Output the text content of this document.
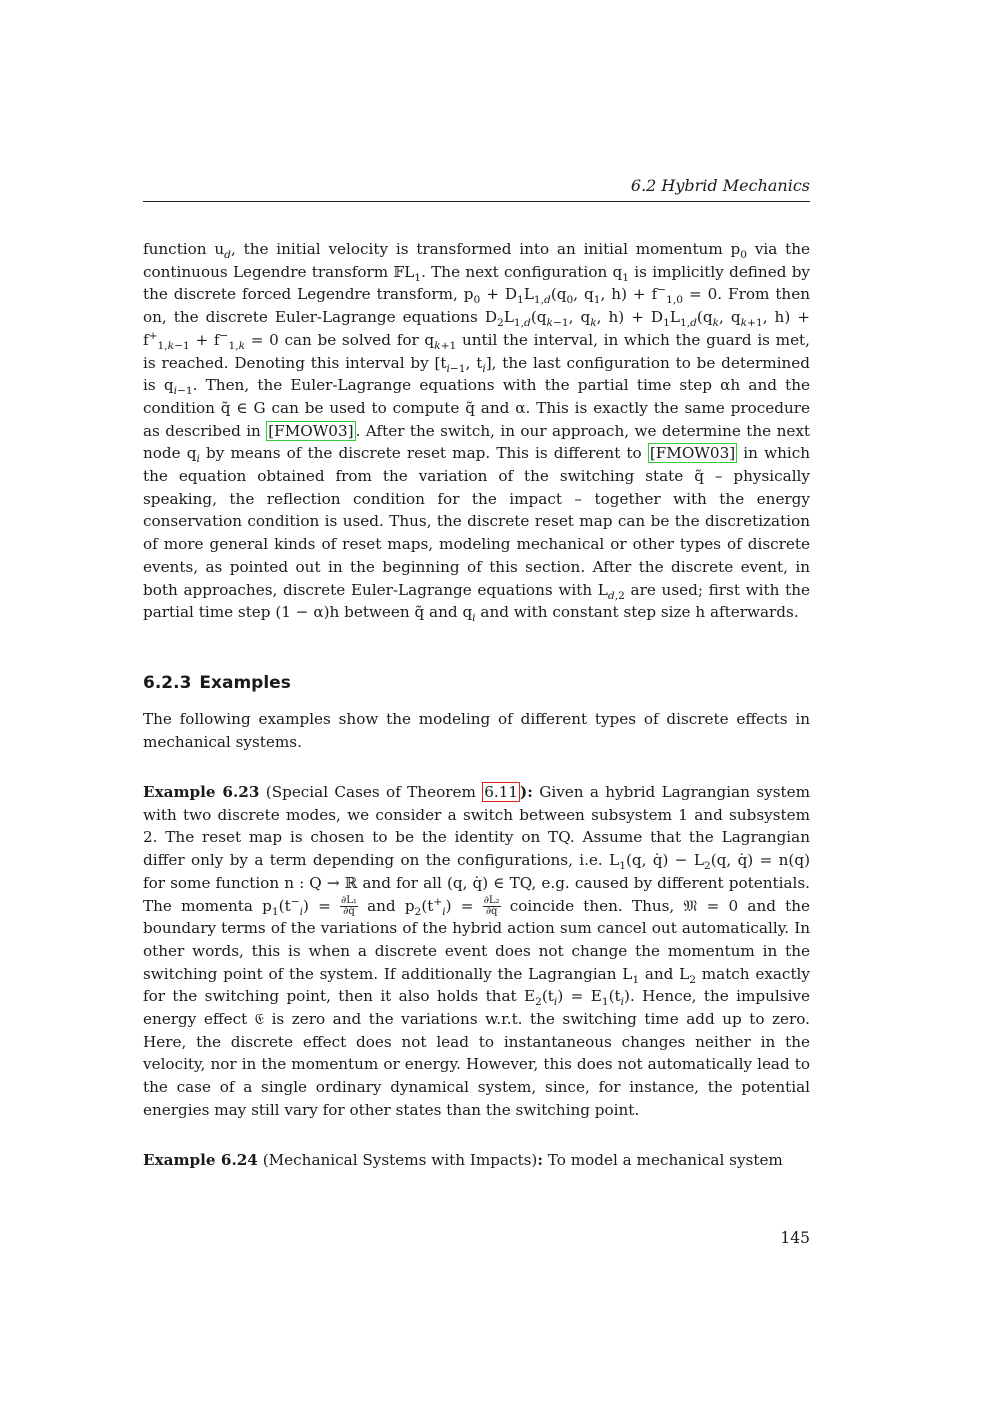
6.2 Hybrid Mechanics
function $u_d$, the initial velocity is transformed into an initial momentum $p_0$ via the continuous Legendre transform 𝔽L$_1$. The next configuration $q_1$ is implicitly defined by the discrete forced Legendre transform, $p_0 + D_1L_{1,d}(q_0$, $q_1$, $h) + f^-_{1,0} = 0$. From then on, the discrete Euler-Lagrange equations $D_2L_{1,d}(q_{k-1}$, $q_k$, $h) + D_1L_{1,d}(q_k$, $q_{k+1}$, $h) + f^+_{1,k-1} + f^-_{1,k} = 0$ can be solved for $q_{k+1}$ until the interval, in which the guard is met, is reached. Denoting this interval by [$t_{i-1}$, $t_i$], the last configuration to be determined is $q_{i-1}$. Then, the Euler-Lagrange equations with the partial time step αh and the condition q̃ ∈ G can be used to compute q̃ and α. This is exactly the same procedure as described in [FMOW03] . After the switch, in our approach, we determine the next node $q_i$ by means of the discrete reset map. This is different to [FMOW03] in which the equation obtained from the variation of the switching state q̃ – physically speaking, the reflection condition for the impact – together with the energy conservation condition is used. Thus, the discrete reset map can be the discretization of more general kinds of reset maps, modeling mechanical or other types of discrete events, as pointed out in the beginning of this section. After the discrete event, in both approaches, discrete Euler-Lagrange equations with $L_{d,2}$ are used; first with the partial time step (1 − α)h between q̃ and $q_i$ and with constant step size h afterwards.
6.2.3 Examples
The following examples show the modeling of different types of discrete effects in mechanical systems.
Example 6.23 (Special Cases of Theorem 6.11 ): Given a hybrid Lagrangian system with two discrete modes, we consider a switch between subsystem 1 and subsystem 2. The reset map is chosen to be the identity on TQ. Assume that the Lagrangian differ only by a term depending on the configurations, i.e. $L_1(q$, q̇) − $L_2(q$, q̇) = n(q) for some function n : Q → ℝ and for all (q, q̇) ∈ TQ, e.g. caused by different potentials. The momenta $p_1(t^-_i) = \frac{\text{∂L₁}}{\partial q̇}$ and $p_2(t^+_i) = \frac{\text{∂L₂}}{\partial q̇}$ coincide then. Thus, 𝔐 = 0 and the boundary terms of the variations of the hybrid action sum cancel out automatically. In other words, this is when a discrete event does not change the momentum in the switching point of the system. If additionally the Lagrangian $L_1$ and $L_2$ match exactly for the switching point, then it also holds that $E_2(t_i) = E_1(t_i)$. Hence, the impulsive energy effect 𝔈 is zero and the variations w.r.t. the switching time add up to zero. Here, the discrete effect does not lead to instantaneous changes neither in the velocity, nor in the momentum or energy. However, this does not automatically lead to the case of a single ordinary dynamical system, since, for instance, the potential energies may still vary for other states than the switching point.
Example 6.24 (Mechanical Systems with Impacts): To model a mechanical system
145
